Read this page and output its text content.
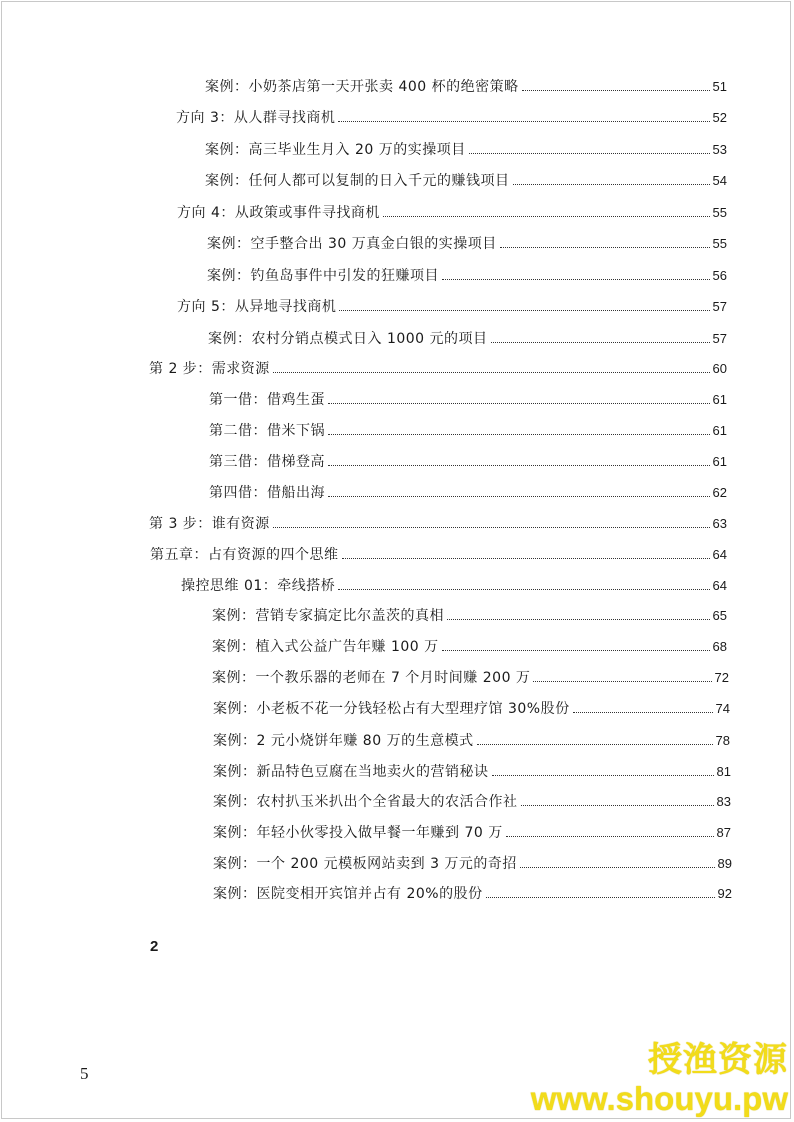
案例：小奶茶店第一天开张卖 400 杯的绝密策略	51
方向 3：从人群寻找商机	52
案例：高三毕业生月入 20 万的实操项目	53
案例：任何人都可以复制的日入千元的赚钱项目	54
方向 4：从政策或事件寻找商机	55
案例：空手整合出 30 万真金白银的实操项目	55
案例：钓鱼岛事件中引发的狂赚项目	56
方向 5：从异地寻找商机	57
案例：农村分销点模式日入 1000 元的项目	57
第 2 步：需求资源	60
第一借：借鸡生蛋	61
第二借：借米下锅	61
第三借：借梯登高	61
第四借：借船出海	62
第 3 步：谁有资源	63
第五章：占有资源的四个思维	64
操控思维 01：牵线搭桥	64
案例：营销专家搞定比尔盖茨的真相	65
案例：植入式公益广告年赚 100 万	68
案例：一个教乐器的老师在 7 个月时间赚 200 万	72
案例：小老板不花一分钱轻松占有大型理疗馆 30%股份	74
案例：2 元小烧饼年赚 80 万的生意模式	78
案例：新品特色豆腐在当地卖火的营销秘诀	81
案例：农村扒玉米扒出个全省最大的农活合作社	83
案例：年轻小伙零投入做早餐一年赚到 70 万	87
案例：一个 200 元模板网站卖到 3 万元的奇招	89
案例：医院变相开宾馆并占有 20%的股份	92
2
5	授渔资源
www.shouyu.pw
